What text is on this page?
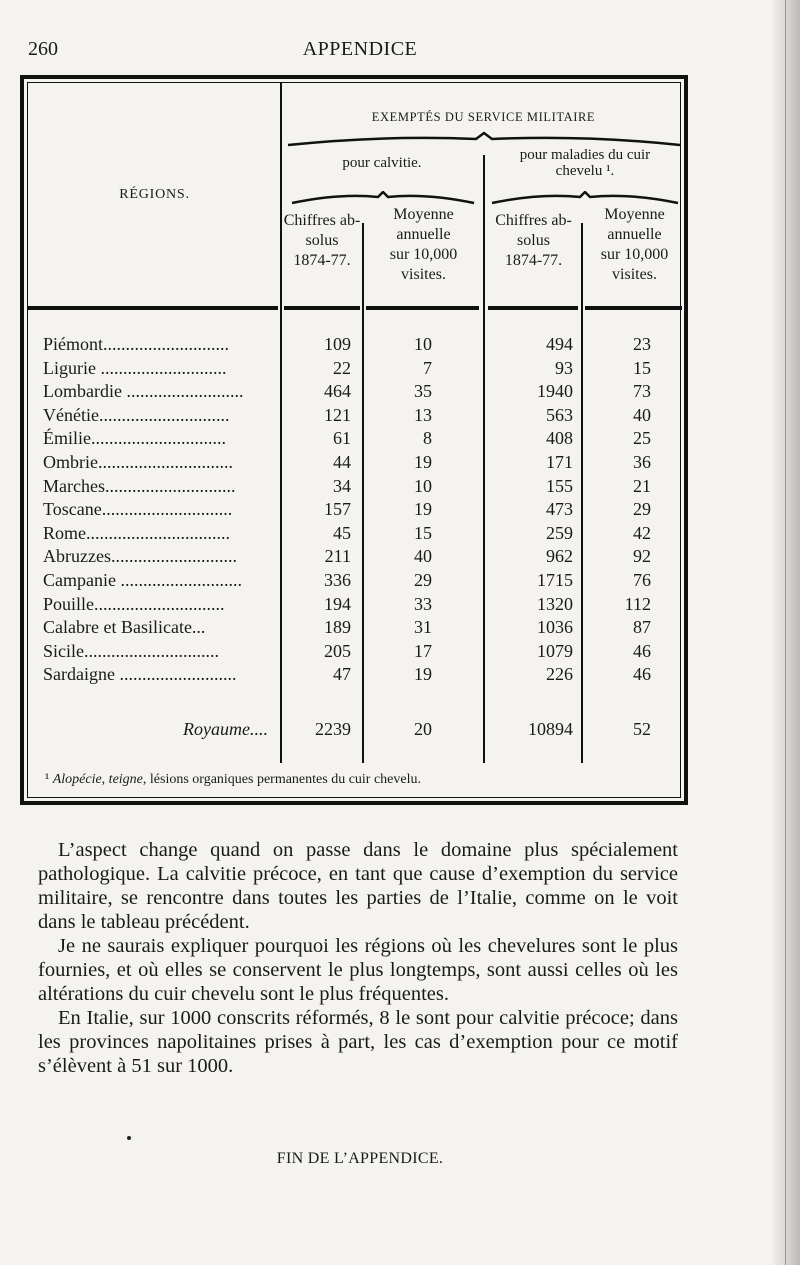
260	APPENDICE
EXEMPTÉS DU SERVICE MILITAIRE
RÉGIONS.
pour calvitie.	pour maladies du cuir
chevelu ¹.
Chiffres ab-
solus
1874-77.
Moyenne
annuelle
sur 10,000
visites.
Chiffres ab-
solus
1874-77.
Moyenne
annuelle
sur 10,000
visites.
Piémont............................	109	10	494	23
Ligurie ............................	22	7	93	15
Lombardie ..........................	464	35	1940	73
Vénétie.............................	121	13	563	40
Émilie..............................	61	8	408	25
Ombrie..............................	44	19	171	36
Marches.............................	34	10	155	21
Toscane.............................	157	19	473	29
Rome................................	45	15	259	42
Abruzzes............................	211	40	962	92
Campanie ...........................	336	29	1715	76
Pouille.............................	194	33	1320	112
Calabre et Basilicate...	189	31	1036	87
Sicile..............................	205	17	1079	46
Sardaigne ..........................	47	19	226	46
Royaume....	2239	20	10894	52
¹ Alopécie, teigne, lésions organiques permanentes du cuir chevelu.

L’aspect change quand on passe dans le domaine plus spécialement pathologique. La calvitie précoce, en tant que cause d’exemption du service militaire, se rencontre dans toutes les parties de l’Italie, comme on le voit dans le tableau précédent.

Je ne saurais expliquer pourquoi les régions où les chevelures sont le plus fournies, et où elles se conservent le plus longtemps, sont aussi celles où les altérations du cuir chevelu sont le plus fréquentes.

En Italie, sur 1000 conscrits réformés, 8 le sont pour calvitie précoce; dans les provinces napolitaines prises à part, les cas d’exemption pour ce motif s’élèvent à 51 sur 1000.

FIN DE L’APPENDICE.
